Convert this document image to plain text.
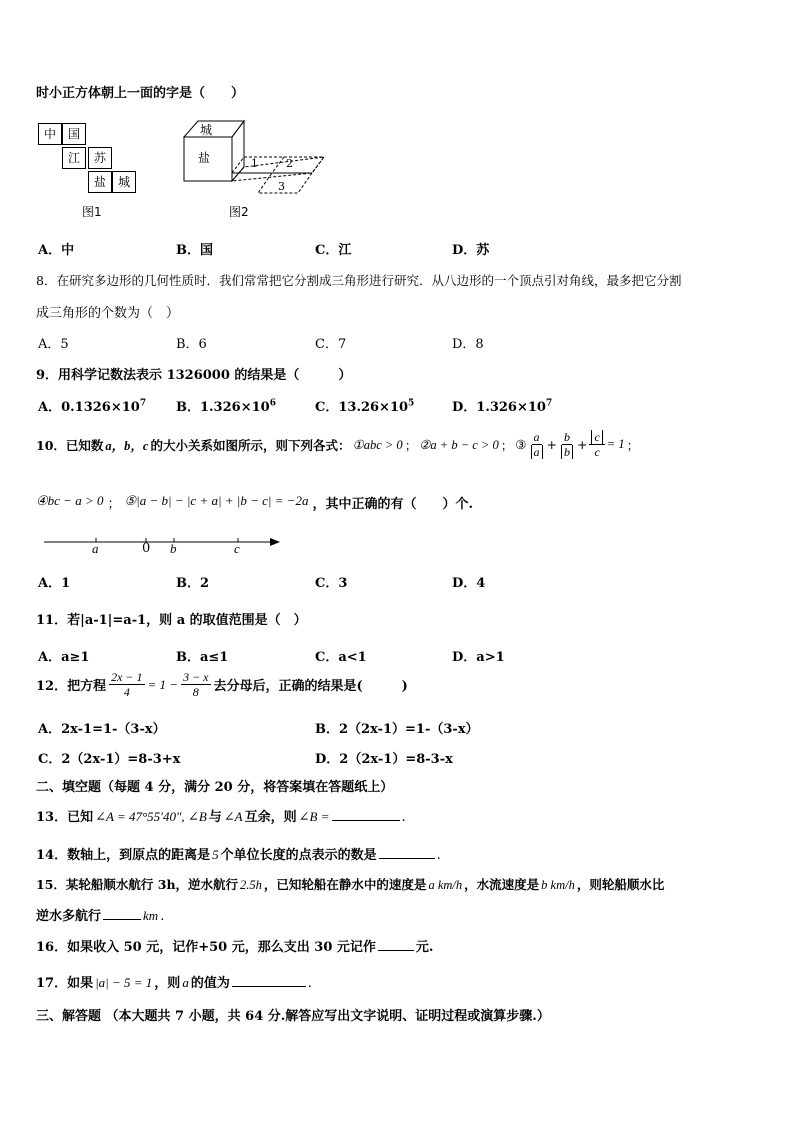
时小正方体朝上一面的字是（　　）
中 国
江	苏
盐 城
图1
城
盐	1	2
3
图2
A．中	B．国	C．江	D．苏
8．在研究多边形的几何性质时．我们常常把它分割成三角形进行研究．从八边形的一个顶点引对角线，最多把它分割
成三角形的个数为（　）
A．5	B．6	C．7	D．8
9．用科学记数法表示 1326000 的结果是（　　　）
A．$0.1326\times 10^7$ B．$1.326\times 10^6$	C．$13.26\times 10^5$	D．$1.326\times 10^7$
10．已知数 a，b，c 的大小关系如图所示，则下列各式： ①abc > 0 ； ②a + b − c > 0 ； ③ $\frac{a}{a} + \frac{b}{b} + \frac{c}{c} = 1$ ；
④bc − a > 0 ； ⑤|a − b| − |c + a| + |b − c| = −2a ，其中正确的有（　　）个.
a	0 b	c
A．1	B．2	C．3	D．4
11．若|a-1|=a-1，则 a 的取值范围是（　）
A．a≥1	B．a≤1	C．a<1	D．a>1
12．把方程 $\frac{2x - 1}{4} = 1 - \frac{3 - x}{8}$ 去分母后，正确的结果是(　　　)
A．2x-1=1-（3-x）	B．2（2x-1）=1-（3-x）
C．2（2x-1）=8-3+x	D．2（2x-1）=8-3-x
二、填空题（每题 4 分，满分 20 分，将答案填在答题纸上）
13．已知 ∠A = 47°55′40″, ∠B 与 ∠A 互余，则 ∠B =	.
14．数轴上，到原点的距离是 5 个单位长度的点表示的数是	.
15．某轮船顺水航行 3h，逆水航行 2.5h ，已知轮船在静水中的速度是 a km/h ，水流速度是 b km/h ，则轮船顺水比
逆水多航行	km .
16．如果收入 50 元，记作+50 元，那么支出 30 元记作	元.
17．如果 |a| − 5 = 1 ，则 a 的值为	.
三、解答题 （本大题共 7 小题，共 64 分.解答应写出文字说明、证明过程或演算步骤.）
